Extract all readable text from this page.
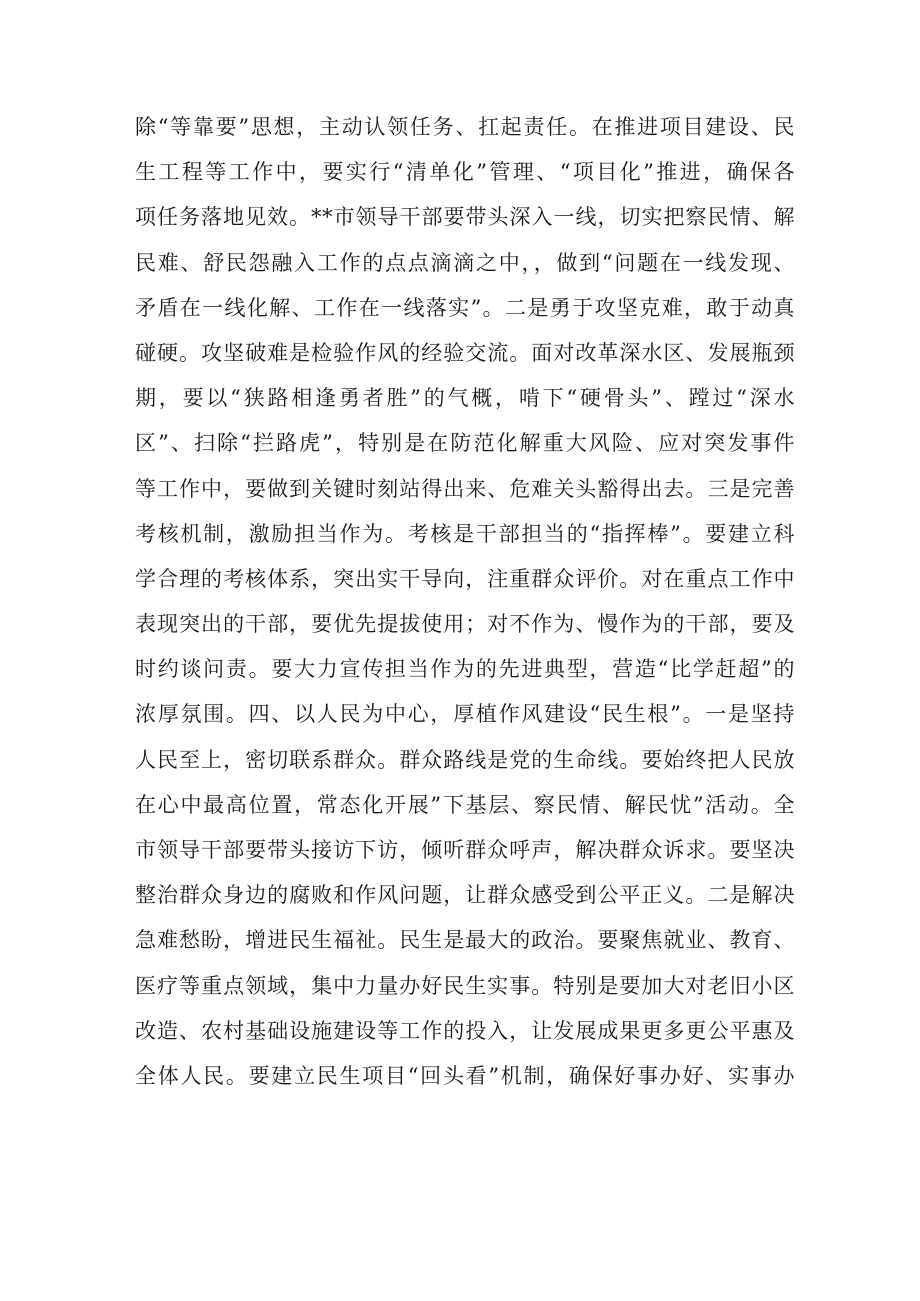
除“等靠要”思想，主动认领任务、扛起责任。在推进项目建设、民
生工程等工作中，要实行“清单化”管理、“项目化”推进，确保各
项任务落地见效。**市领导干部要带头深入一线，切实把察民情、解
民难、舒民怨融入工作的点点滴滴之中，，做到“问题在一线发现、
矛盾在一线化解、工作在一线落实”。二是勇于攻坚克难，敢于动真
碰硬。攻坚破难是检验作风的经验交流。面对改革深水区、发展瓶颈
期，要以“狭路相逢勇者胜”的气概，啃下“硬骨头”、蹚过“深水
区”、扫除“拦路虎”，特别是在防范化解重大风险、应对突发事件
等工作中，要做到关键时刻站得出来、危难关头豁得出去。三是完善
考核机制，激励担当作为。考核是干部担当的“指挥棒”。要建立科
学合理的考核体系，突出实干导向，注重群众评价。对在重点工作中
表现突出的干部，要优先提拔使用；对不作为、慢作为的干部，要及
时约谈问责。要大力宣传担当作为的先进典型，营造“比学赶超”的
浓厚氛围。四、以人民为中心，厚植作风建设“民生根”。一是坚持
人民至上，密切联系群众。群众路线是党的生命线。要始终把人民放
在心中最高位置，常态化开展”下基层、察民情、解民忧”活动。全
市领导干部要带头接访下访，倾听群众呼声，解决群众诉求。要坚决
整治群众身边的腐败和作风问题，让群众感受到公平正义。二是解决
急难愁盼，增进民生福祉。民生是最大的政治。要聚焦就业、教育、
医疗等重点领域，集中力量办好民生实事。特别是要加大对老旧小区
改造、农村基础设施建设等工作的投入，让发展成果更多更公平惠及
全体人民。要建立民生项目“回头看”机制，确保好事办好、实事办
